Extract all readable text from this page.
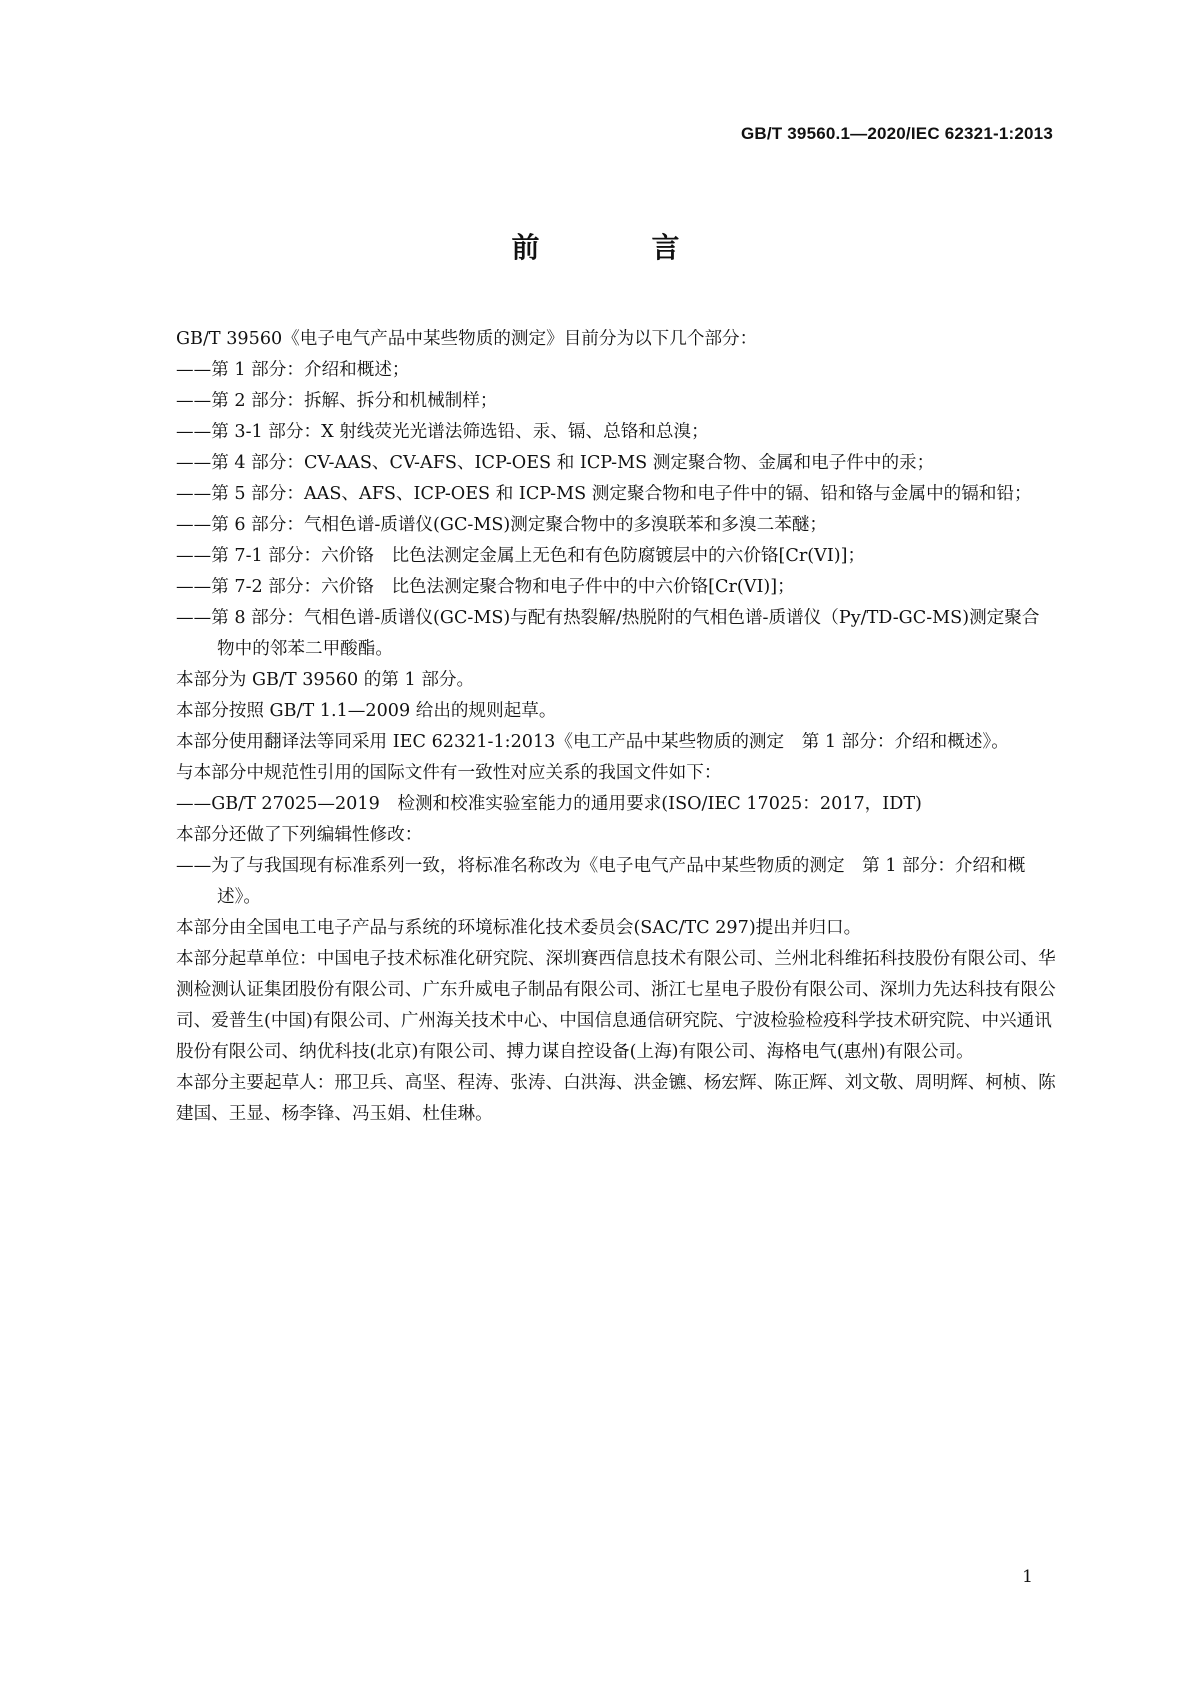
GB/T 39560.1—2020/IEC 62321-1:2013
前　言
GB/T 39560《电子电气产品中某些物质的测定》目前分为以下几个部分：
——第 1 部分：介绍和概述；
——第 2 部分：拆解、拆分和机械制样；
——第 3-1 部分：X 射线荧光光谱法筛选铅、汞、镉、总铬和总溴；
——第 4 部分：CV-AAS、CV-AFS、ICP-OES 和 ICP-MS 测定聚合物、金属和电子件中的汞；
——第 5 部分：AAS、AFS、ICP-OES 和 ICP-MS 测定聚合物和电子件中的镉、铅和铬与金属中的镉和铅；
——第 6 部分：气相色谱-质谱仪(GC-MS)测定聚合物中的多溴联苯和多溴二苯醚；
——第 7-1 部分：六价铬　比色法测定金属上无色和有色防腐镀层中的六价铬[Cr(VI)]；
——第 7-2 部分：六价铬　比色法测定聚合物和电子件中的中六价铬[Cr(VI)]；
——第 8 部分：气相色谱-质谱仪(GC-MS)与配有热裂解/热脱附的气相色谱-质谱仪（Py/TD-GC-MS)测定聚合物中的邻苯二甲酸酯。
本部分为 GB/T 39560 的第 1 部分。
本部分按照 GB/T 1.1—2009 给出的规则起草。
本部分使用翻译法等同采用 IEC 62321-1:2013《电工产品中某些物质的测定　第 1 部分：介绍和概述》。
与本部分中规范性引用的国际文件有一致性对应关系的我国文件如下：
——GB/T 27025—2019　检测和校准实验室能力的通用要求(ISO/IEC 17025：2017，IDT)
本部分还做了下列编辑性修改：
——为了与我国现有标准系列一致，将标准名称改为《电子电气产品中某些物质的测定　第 1 部分：介绍和概述》。
本部分由全国电工电子产品与系统的环境标准化技术委员会(SAC/TC 297)提出并归口。
本部分起草单位：中国电子技术标准化研究院、深圳赛西信息技术有限公司、兰州北科维拓科技股份有限公司、华测检测认证集团股份有限公司、广东升威电子制品有限公司、浙江七星电子股份有限公司、深圳力先达科技有限公司、爱普生(中国)有限公司、广州海关技术中心、中国信息通信研究院、宁波检验检疫科学技术研究院、中兴通讯股份有限公司、纳优科技(北京)有限公司、搏力谋自控设备(上海)有限公司、海格电气(惠州)有限公司。
本部分主要起草人：邢卫兵、高坚、程涛、张涛、白洪海、洪金镳、杨宏辉、陈正辉、刘文敬、周明辉、柯桢、陈建国、王显、杨李锋、冯玉娟、杜佳琳。
1
